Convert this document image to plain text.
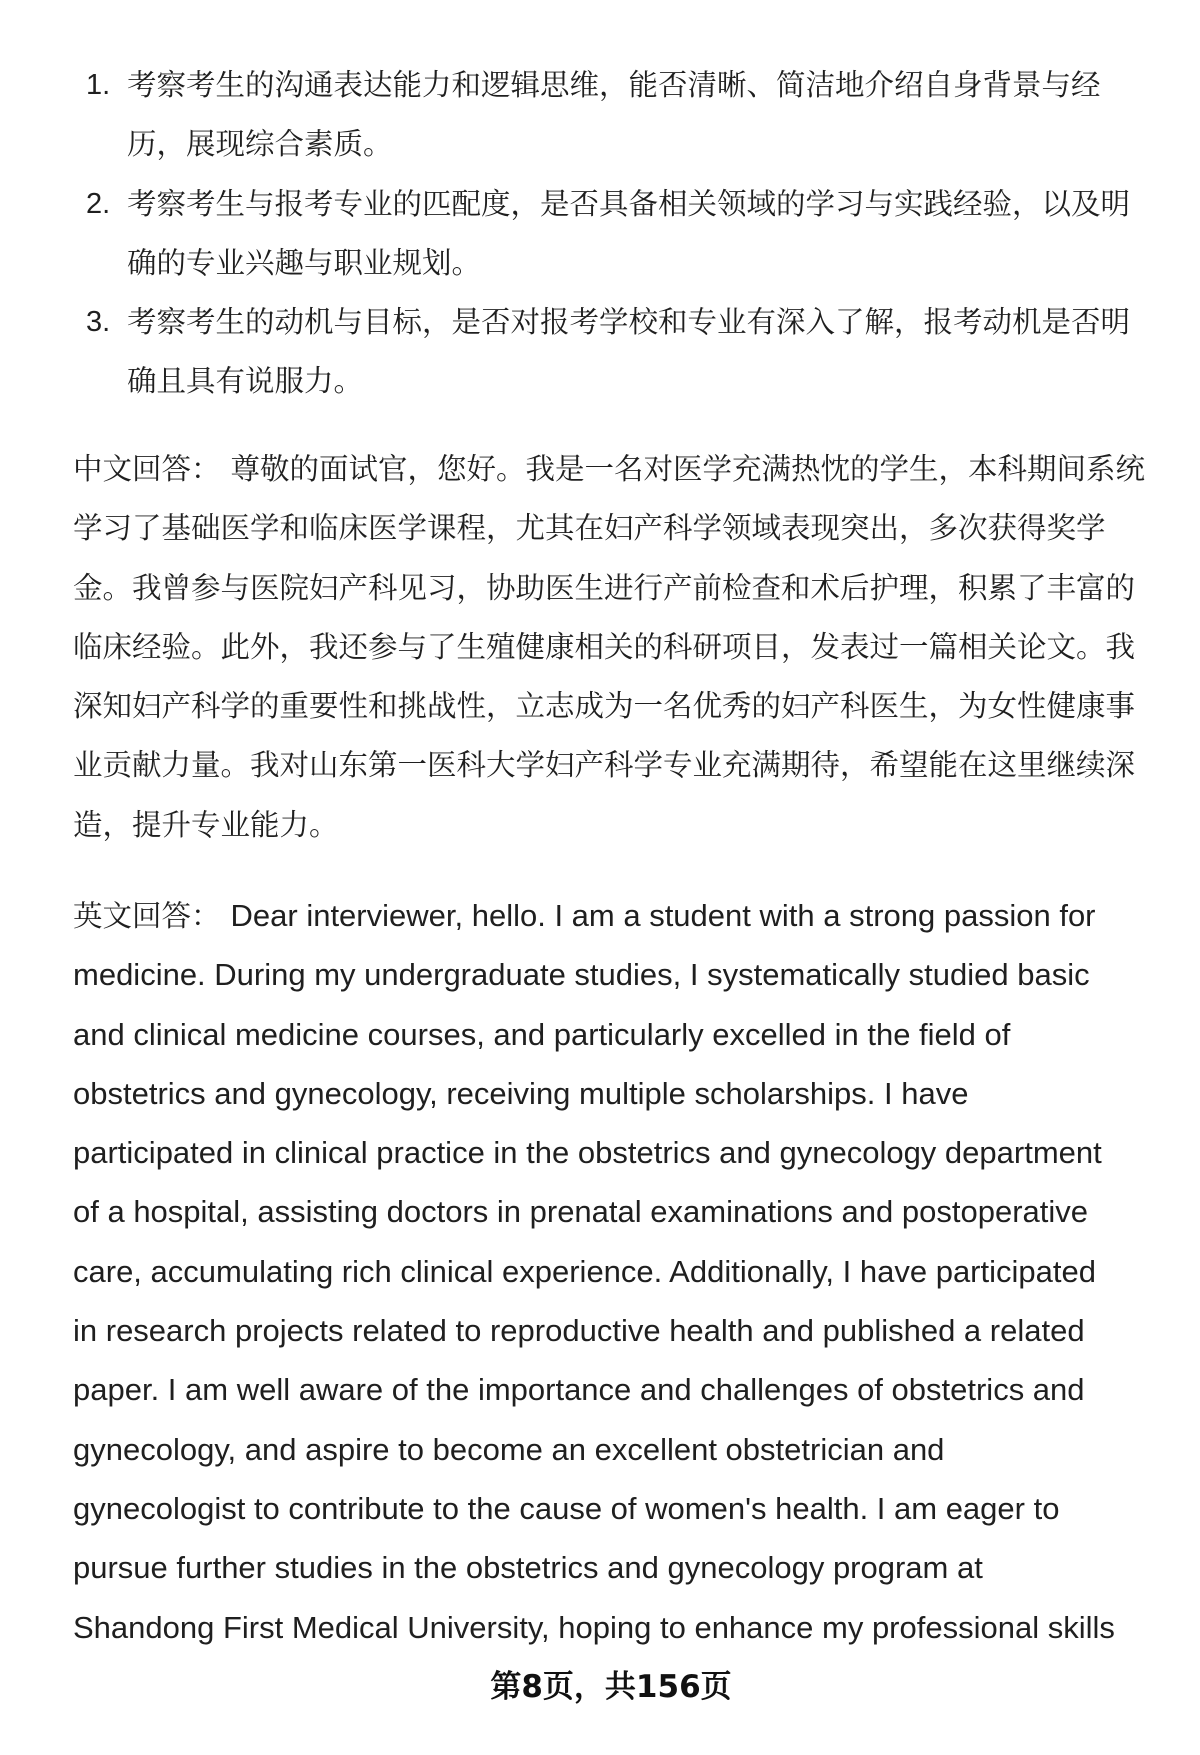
1. 考察考生的沟通表达能力和逻辑思维，能否清晰、简洁地介绍自身背景与经
历，展现综合素质。
2. 考察考生与报考专业的匹配度，是否具备相关领域的学习与实践经验，以及明
确的专业兴趣与职业规划。
3. 考察考生的动机与目标，是否对报考学校和专业有深入了解，报考动机是否明
确且具有说服力。
中文回答： 尊敬的面试官，您好。我是一名对医学充满热忱的学生，本科期间系统
学习了基础医学和临床医学课程，尤其在妇产科学领域表现突出，多次获得奖学
金。我曾参与医院妇产科见习，协助医生进行产前检查和术后护理，积累了丰富的
临床经验。此外，我还参与了生殖健康相关的科研项目，发表过一篇相关论文。我
深知妇产科学的重要性和挑战性，立志成为一名优秀的妇产科医生，为女性健康事
业贡献力量。我对山东第一医科大学妇产科学专业充满期待，希望能在这里继续深
造，提升专业能力。
英文回答： Dear interviewer, hello. I am a student with a strong passion for
medicine. During my undergraduate studies, I systematically studied basic
and clinical medicine courses, and particularly excelled in the field of
obstetrics and gynecology, receiving multiple scholarships. I have
participated in clinical practice in the obstetrics and gynecology department
of a hospital, assisting doctors in prenatal examinations and postoperative
care, accumulating rich clinical experience. Additionally, I have participated
in research projects related to reproductive health and published a related
paper. I am well aware of the importance and challenges of obstetrics and
gynecology, and aspire to become an excellent obstetrician and
gynecologist to contribute to the cause of women's health. I am eager to
pursue further studies in the obstetrics and gynecology program at
Shandong First Medical University, hoping to enhance my professional skills
第8页，共156页
